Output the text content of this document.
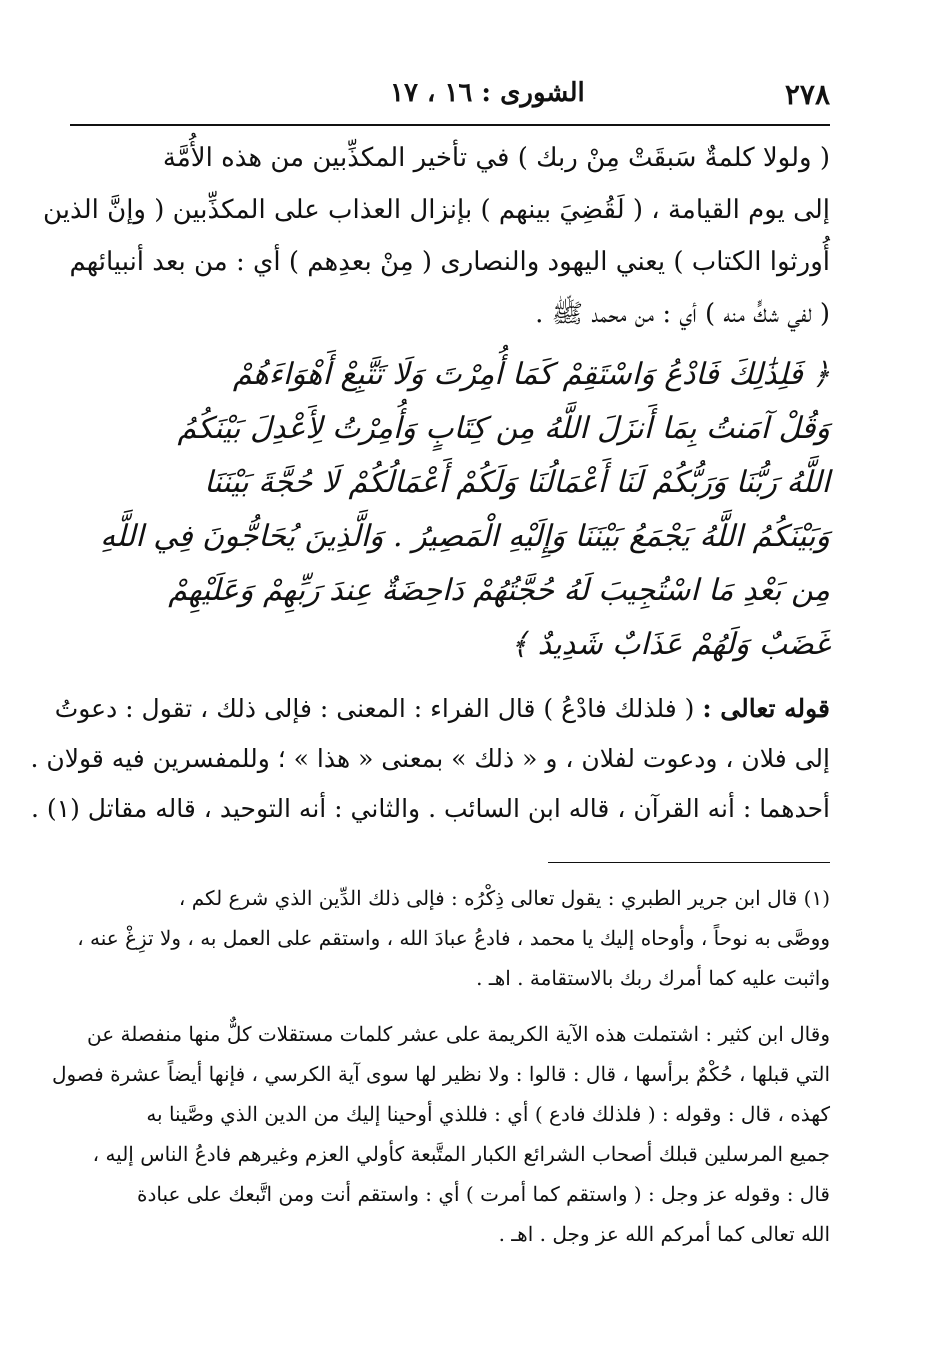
٢٧٨
الشورى : ١٦ ، ١٧
( ولولا كلمةٌ سَبقَتْ مِنْ ربك ) في تأخير المكذِّبين من هذه الأُمَّة
إلى يوم القيامة ، ( لَقُضِيَ بينهم ) بإنزال العذاب على المكذِّبين ( وإنَّ الذين
أُورثوا الكتاب ) يعني اليهود والنصارى ( مِنْ بعدِهم ) أي : من بعد أنبيائهم
( لفي شكٍّ منه ) أي : من محمد ﷺ .
﴿ فَلِذَٰلِكَ فَادْعُ وَاسْتَقِمْ كَمَا أُمِرْتَ وَلَا تَتَّبِعْ أَهْوَاءَهُمْ
وَقُلْ آمَنتُ بِمَا أَنزَلَ اللَّهُ مِن كِتَابٍ وَأُمِرْتُ لِأَعْدِلَ بَيْنَكُمُ
اللَّهُ رَبُّنَا وَرَبُّكُمْ لَنَا أَعْمَالُنَا وَلَكُمْ أَعْمَالُكُمْ لَا حُجَّةَ بَيْنَنَا
وَبَيْنَكُمُ اللَّهُ يَجْمَعُ بَيْنَنَا وَإِلَيْهِ الْمَصِيرُ . وَالَّذِينَ يُحَاجُّونَ فِي اللَّهِ
مِن بَعْدِ مَا اسْتُجِيبَ لَهُ حُجَّتُهُمْ دَاحِضَةٌ عِندَ رَبِّهِمْ وَعَلَيْهِمْ
غَضَبٌ وَلَهُمْ عَذَابٌ شَدِيدٌ ﴾
قوله تعالى : ( فلذلك فادْعُ ) قال الفراء : المعنى : فإلى ذلك ، تقول : دعوتُ
إلى فلان ، ودعوت لفلان ، و « ذلك » بمعنى « هذا » ؛ وللمفسرين فيه قولان .
أحدهما : أنه القرآن ، قاله ابن السائب . والثاني : أنه التوحيد ، قاله مقاتل (١) .
(١) قال ابن جرير الطبري : يقول تعالى ذِكْرُه : فإلى ذلك الدِّين الذي شرع لكم ،
ووصَّى به نوحاً ، وأوحاه إليك يا محمد ، فادعُ عبادَ الله ، واستقم على العمل به ، ولا تزِغْ عنه ،
واثبت عليه كما أمرك ربك بالاستقامة . اهـ .
وقال ابن كثير : اشتملت هذه الآية الكريمة على عشر كلمات مستقلات كلٌّ منها منفصلة عن
التي قبلها ، حُكْمٌ برأسها ، قال : قالوا : ولا نظير لها سوى آية الكرسي ، فإنها أيضاً عشرة فصول
كهذه ، قال : وقوله : ( فلذلك فادع ) أي : فللذي أوحينا إليك من الدين الذي وصَّينا به
جميع المرسلين قبلك أصحاب الشرائع الكبار المتَّبعة كأولي العزم وغيرهم فادعُ الناس إليه ،
قال : وقوله عز وجل : ( واستقم كما أمرت ) أي : واستقم أنت ومن اتَّبعك على عبادة
الله تعالى كما أمركم الله عز وجل . اهـ .
